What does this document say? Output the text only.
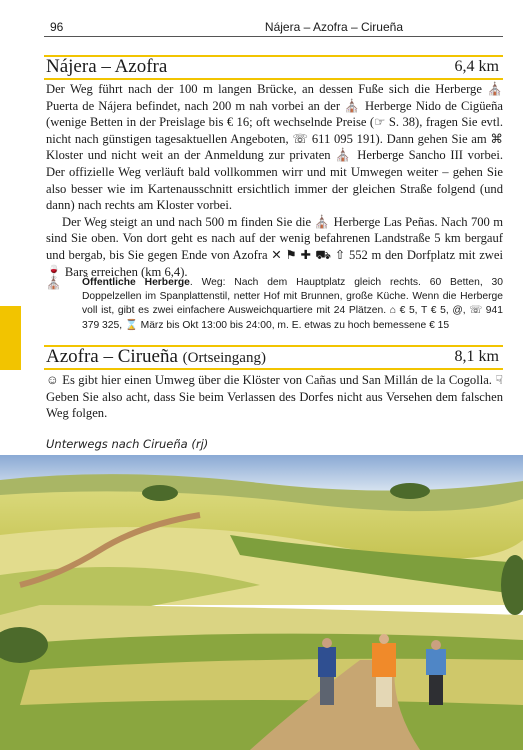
96	Nájera – Azofra – Cirueña
Nájera – Azofra	6,4 km

Der Weg führt nach der 100 m langen Brücke, an dessen Fuße sich die Herberge ⛪ Puerta de Nájera befindet, nach 200 m nah vorbei an der ⛪ Herberge Nido de Cigüeña (wenige Betten in der Preislage bis € 16; oft wechselnde Preise (☞ S. 38), fragen Sie evtl. nicht nach günstigen tagesaktuellen Angeboten, ☏ 611 095 191). Dann gehen Sie am ⌘ Kloster und nicht weit an der Anmeldung zur privaten ⛪ Herberge Sancho III vorbei. Der offizielle Weg verläuft bald vollkommen wirr und mit Umwegen weiter – gehen Sie also besser wie im Kartenausschnitt ersichtlich immer der gleichen Straße folgend (und dann) nach rechts am Kloster vorbei.

Der Weg steigt an und nach 500 m finden Sie die ⛪ Herberge Las Peñas. Nach 700 m sind Sie oben. Von dort geht es nach auf der wenig befahrenen Landstraße 5 km bergauf und bergab, bis Sie gegen Ende von Azofra ✕ ⚑ ✚ ⛟ ⇧ 552 m den Dorfplatz mit zwei 🍷 Bars erreichen (km 6,4).

⛪ Öffentliche Herberge. Weg: Nach dem Hauptplatz gleich rechts. 60 Betten, 30 Doppelzellen im Spanplattenstil, netter Hof mit Brunnen, große Küche. Wenn die Herberge voll ist, gibt es zwei einfachere Ausweichquartiere mit 24 Plätzen. ⌂ € 5, T € 5, @, ☏ 941 379 325, ⌛ März bis Okt 13:00 bis 24:00, m. E. etwas zu hoch bemessene € 15
Azofra – Cirueña (Ortseingang)	8,1 km

☺ Es gibt hier einen Umweg über die Klöster von Cañas und San Millán de la Cogolla. ☟ Geben Sie also acht, dass Sie beim Verlassen des Dorfes nicht aus Versehen dem falschen Weg folgen.

Unterwegs nach Cirueña (rj)
